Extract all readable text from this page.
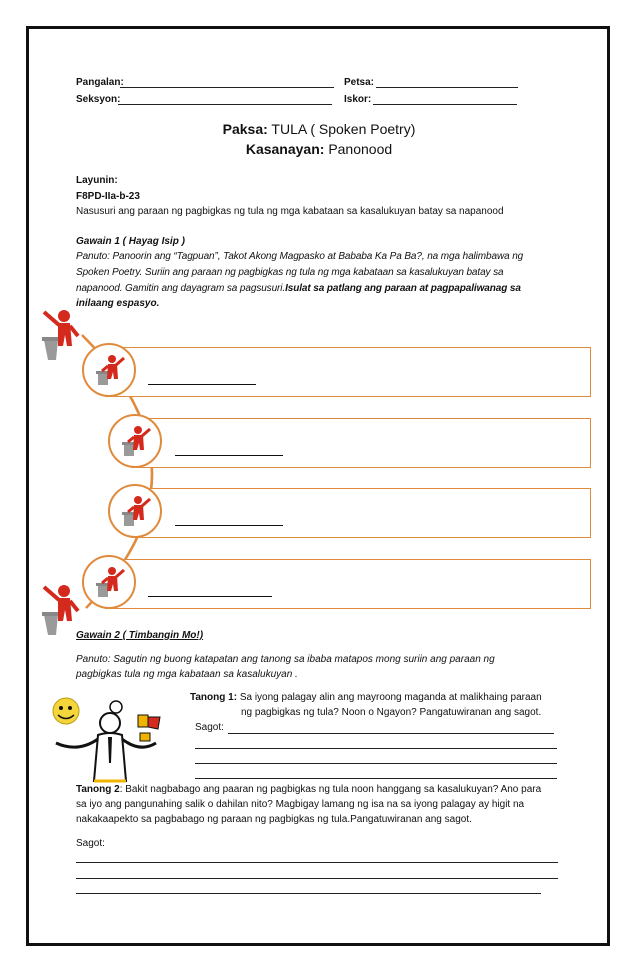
Pangalan:	Petsa:
Seksyon:	Iskor:
Paksa: TULA ( Spoken Poetry)
Kasanayan: Panonood
Layunin:
F8PD-IIa-b-23
Nasusuri ang paraan ng pagbigkas ng tula ng mga kabataan sa kasalukuyan batay sa napanood
Gawain 1 ( Hayag Isip )
Panuto: Panoorin ang “Tagpuan”, Takot Akong Magpasko at Bababa Ka Pa Ba?, na mga halimbawa ng
Spoken Poetry. Suriin ang paraan ng pagbigkas ng tula ng mga kabataan sa kasalukuyan batay sa
napanood. Gamitin ang dayagram sa pagsusuri.Isulat sa patlang ang paraan at pagpapaliwanag sa
inilaang espasyo.
Gawain 2 ( Timbangin Mo!)
Panuto: Sagutin ng buong katapatan ang tanong sa ibaba matapos mong suriin ang paraan ng
pagbigkas tula ng mga kabataan sa kasalukuyan .
Tanong 1: Sa iyong palagay alin ang mayroong maganda at malikhaing paraan
ng pagbigkas ng tula? Noon o Ngayon? Pangatuwiranan ang sagot.
Sagot:
Tanong 2: Bakit nagbabago ang paaran ng pagbigkas ng tula noon hanggang sa kasalukuyan? Ano para
sa iyo ang pangunahing salik o dahilan nito? Magbigay lamang ng isa na sa iyong palagay ay higit na
nakakaapekto sa pagbabago ng paraan ng pagbigkas ng tula.Pangatuwiranan ang sagot.
Sagot:
